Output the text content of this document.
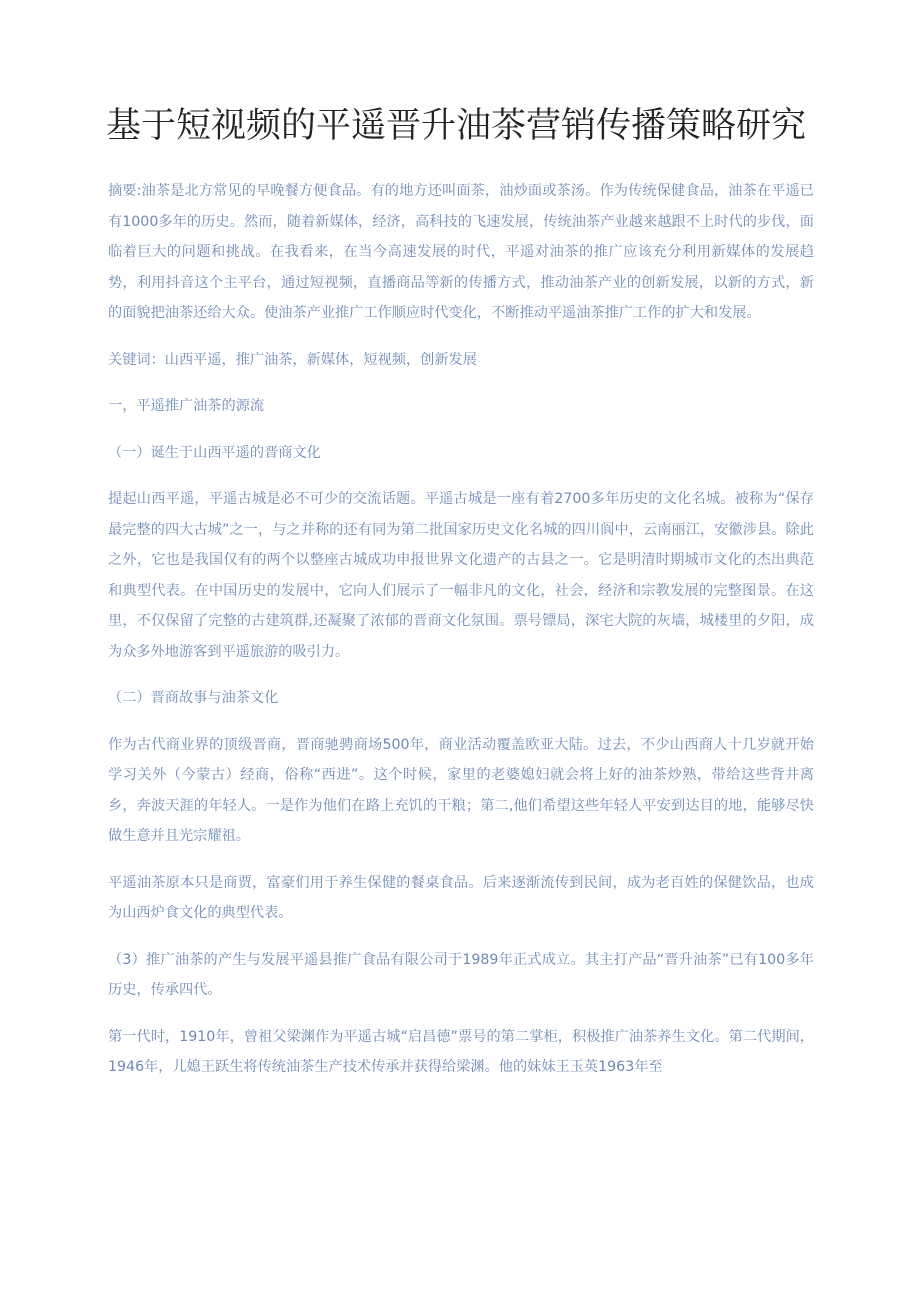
基于短视频的平遥晋升油茶营销传播策略研究

摘要:油茶是北方常见的早晚餐方便食品。有的地方还叫面茶，油炒面或茶汤。作为传统保健食品，油茶在平遥已有1000多年的历史。然而，随着新媒体，经济，高科技的飞速发展，传统油茶产业越来越跟不上时代的步伐，面临着巨大的问题和挑战。在我看来，在当今高速发展的时代，平遥对油茶的推广应该充分利用新媒体的发展趋势，利用抖音这个主平台，通过短视频，直播商品等新的传播方式，推动油茶产业的创新发展，以新的方式，新的面貌把油茶还给大众。使油茶产业推广工作顺应时代变化，不断推动平遥油茶推广工作的扩大和发展。

关键词：山西平遥，推广油茶，新媒体，短视频，创新发展

一，平遥推广油茶的源流

（一）诞生于山西平遥的晋商文化

提起山西平遥，平遥古城是必不可少的交流话题。平遥古城是一座有着2700多年历史的文化名城。被称为“保存最完整的四大古城”之一，与之并称的还有同为第二批国家历史文化名城的四川阆中，云南丽江，安徽涉县。除此之外，它也是我国仅有的两个以整座古城成功申报世界文化遗产的古县之一。它是明清时期城市文化的杰出典范和典型代表。在中国历史的发展中，它向人们展示了一幅非凡的文化，社会，经济和宗教发展的完整图景。在这里，不仅保留了完整的古建筑群,还凝聚了浓郁的晋商文化氛围。票号镖局，深宅大院的灰墙，城楼里的夕阳，成为众多外地游客到平遥旅游的吸引力。

（二）晋商故事与油茶文化

作为古代商业界的顶级晋商，晋商驰骋商场500年，商业活动覆盖欧亚大陆。过去，不少山西商人十几岁就开始学习关外（今蒙古）经商，俗称“西进”。这个时候，家里的老婆媳妇就会将上好的油茶炒熟，带给这些背井离乡，奔波天涯的年轻人。一是作为他们在路上充饥的干粮；第二,他们希望这些年轻人平安到达目的地，能够尽快做生意并且光宗耀祖。

平遥油茶原本只是商贾，富豪们用于养生保健的餐桌食品。后来逐渐流传到民间，成为老百姓的保健饮品，也成为山西炉食文化的典型代表。

（3）推广油茶的产生与发展平遥县推广食品有限公司于1989年正式成立。其主打产品“晋升油茶”已有100多年历史，传承四代。

第一代时，1910年，曾祖父梁渊作为平遥古城“启昌德”票号的第二掌柜，积极推广油茶养生文化。第二代期间，1946年，儿媳王跃生将传统油茶生产技术传承并获得给梁渊。他的妹妹王玉英1963年至
